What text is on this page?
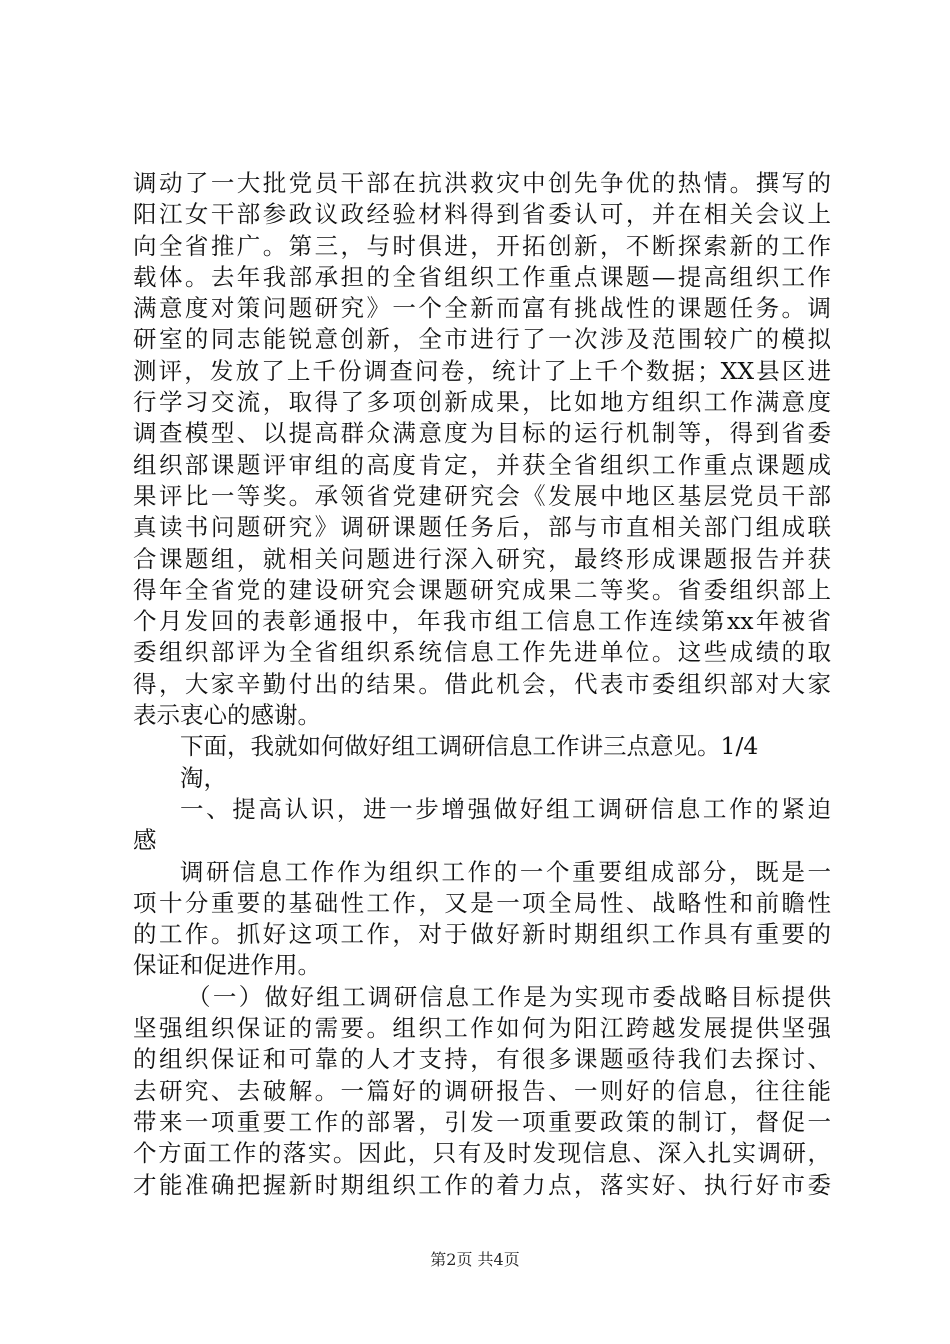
调动了一大批党员干部在抗洪救灾中创先争优的热情。撰写的
阳江女干部参政议政经验材料得到省委认可，并在相关会议上
向全省推广。第三，与时俱进，开拓创新，不断探索新的工作
载体。去年我部承担的全省组织工作重点课题—提高组织工作
满意度对策问题研究》一个全新而富有挑战性的课题任务。调
研室的同志能锐意创新，全市进行了一次涉及范围较广的模拟
测评，发放了上千份调查问卷，统计了上千个数据；XX县区进
行学习交流，取得了多项创新成果，比如地方组织工作满意度
调查模型、以提高群众满意度为目标的运行机制等，得到省委
组织部课题评审组的高度肯定，并获全省组织工作重点课题成
果评比一等奖。承领省党建研究会《发展中地区基层党员干部
真读书问题研究》调研课题任务后，部与市直相关部门组成联
合课题组，就相关问题进行深入研究，最终形成课题报告并获
得年全省党的建设研究会课题研究成果二等奖。省委组织部上
个月发回的表彰通报中，年我市组工信息工作连续第xx年被省
委组织部评为全省组织系统信息工作先进单位。这些成绩的取
得，大家辛勤付出的结果。借此机会，代表市委组织部对大家
表示衷心的感谢。
下面，我就如何做好组工调研信息工作讲三点意见。1/4
淘，
一、提高认识，进一步增强做好组工调研信息工作的紧迫
感
调研信息工作作为组织工作的一个重要组成部分，既是一
项十分重要的基础性工作，又是一项全局性、战略性和前瞻性
的工作。抓好这项工作，对于做好新时期组织工作具有重要的
保证和促进作用。
（一）做好组工调研信息工作是为实现市委战略目标提供
坚强组织保证的需要。组织工作如何为阳江跨越发展提供坚强
的组织保证和可靠的人才支持，有很多课题亟待我们去探讨、
去研究、去破解。一篇好的调研报告、一则好的信息，往往能
带来一项重要工作的部署，引发一项重要政策的制订，督促一
个方面工作的落实。因此，只有及时发现信息、深入扎实调研，
才能准确把握新时期组织工作的着力点，落实好、执行好市委
第2页 共4页
